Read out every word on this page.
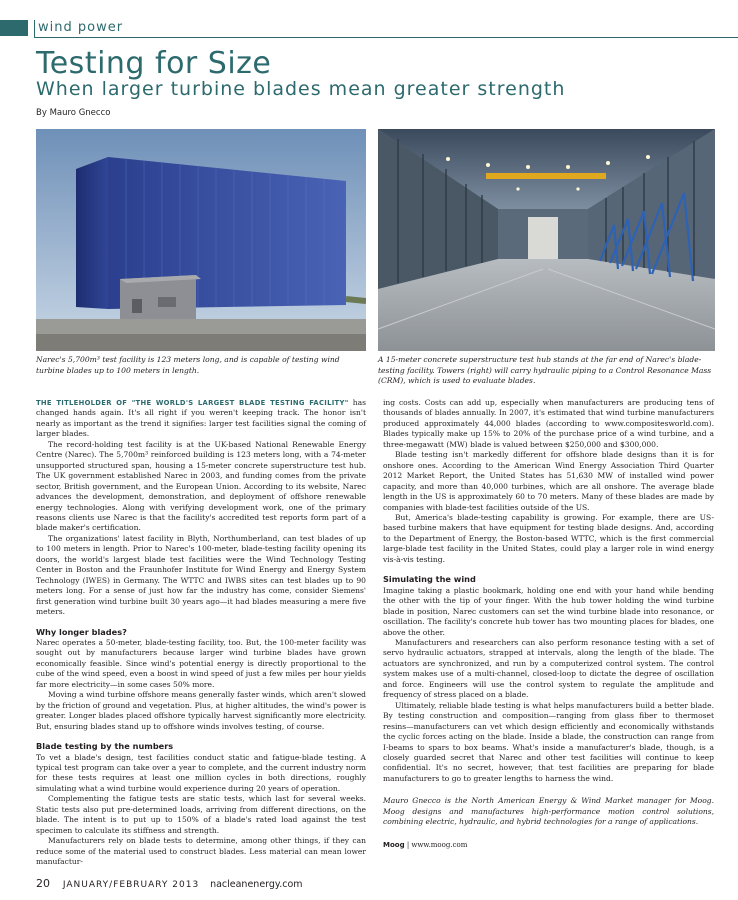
wind power
Testing for Size
When larger turbine blades mean greater strength
By Mauro Gnecco
Narec's 5,700m³ test facility is 123 meters long, and is capable of testing wind turbine blades up to 100 meters in length.
A 15-meter concrete superstructure test hub stands at the far end of Narec's blade-testing facility. Towers (right) will carry hydraulic piping to a Control Resonance Mass (CRM), which is used to evaluate blades.

THE TITLEHOLDER OF "THE WORLD'S LARGEST BLADE TESTING FACILITY" has changed hands again. It's all right if you weren't keeping track. The honor isn't nearly as important as the trend it signifies: larger test facilities signal the coming of larger blades.

The record-holding test facility is at the UK-based National Renewable Energy Centre (Narec). The 5,700m³ reinforced building is 123 meters long, with a 74-meter unsupported structured span, housing a 15-meter concrete superstructure test hub. The UK government established Narec in 2003, and funding comes from the private sector, British government, and the European Union. According to its website, Narec advances the development, demonstration, and deployment of offshore renewable energy technologies. Along with verifying development work, one of the primary reasons clients use Narec is that the facility's accredited test reports form part of a blade maker's certification.

The organizations' latest facility in Blyth, Northumberland, can test blades of up to 100 meters in length. Prior to Narec's 100-meter, blade-testing facility opening its doors, the world's largest blade test facilities were the Wind Technology Testing Center in Boston and the Fraunhofer Institute for Wind Energy and Energy System Technology (IWES) in Germany. The WTTC and IWBS sites can test blades up to 90 meters long. For a sense of just how far the industry has come, consider Siemens' first generation wind turbine built 30 years ago—it had blades measuring a mere five meters.

Why longer blades?

Narec operates a 50-meter, blade-testing facility, too. But, the 100-meter facility was sought out by manufacturers because larger wind turbine blades have grown economically feasible. Since wind's potential energy is directly proportional to the cube of the wind speed, even a boost in wind speed of just a few miles per hour yields far more electricity—in some cases 50% more.

Moving a wind turbine offshore means generally faster winds, which aren't slowed by the friction of ground and vegetation. Plus, at higher altitudes, the wind's power is greater. Longer blades placed offshore typically harvest significantly more electricity. But, ensuring blades stand up to offshore winds involves testing, of course.

Blade testing by the numbers

To vet a blade's design, test facilities conduct static and fatigue-blade testing. A typical test program can take over a year to complete, and the current industry norm for these tests requires at least one million cycles in both directions, roughly simulating what a wind turbine would experience during 20 years of operation.

Complementing the fatigue tests are static tests, which last for several weeks. Static tests also put pre-determined loads, arriving from different directions, on the blade. The intent is to put up to 150% of a blade's rated load against the test specimen to calculate its stiffness and strength.

Manufacturers rely on blade tests to determine, among other things, if they can reduce some of the material used to construct blades. Less material can mean lower manufactur-

ing costs. Costs can add up, especially when manufacturers are producing tens of thousands of blades annually. In 2007, it's estimated that wind turbine manufacturers produced approximately 44,000 blades (according to www.compositesworld.com). Blades typically make up 15% to 20% of the purchase price of a wind turbine, and a three-megawatt (MW) blade is valued between $250,000 and $300,000.

Blade testing isn't markedly different for offshore blade designs than it is for onshore ones. According to the American Wind Energy Association Third Quarter 2012 Market Report, the United States has 51,630 MW of installed wind power capacity, and more than 40,000 turbines, which are all onshore. The average blade length in the US is approximately 60 to 70 meters. Many of these blades are made by companies with blade-test facilities outside of the US.

But, America's blade-testing capability is growing. For example, there are US-based turbine makers that have equipment for testing blade designs. And, according to the Department of Energy, the Boston-based WTTC, which is the first commercial large-blade test facility in the United States, could play a larger role in wind energy vis-à-vis testing.

Simulating the wind

Imagine taking a plastic bookmark, holding one end with your hand while bending the other with the tip of your finger. With the hub tower holding the wind turbine blade in position, Narec customers can set the wind turbine blade into resonance, or oscillation. The facility's concrete hub tower has two mounting places for blades, one above the other.

Manufacturers and researchers can also perform resonance testing with a set of servo hydraulic actuators, strapped at intervals, along the length of the blade. The actuators are synchronized, and run by a computerized control system. The control system makes use of a multi-channel, closed-loop to dictate the degree of oscillation and force. Engineers will use the control system to regulate the amplitude and frequency of stress placed on a blade.

Ultimately, reliable blade testing is what helps manufacturers build a better blade. By testing construction and composition—ranging from glass fiber to thermoset resins—manufacturers can vet which design efficiently and economically withstands the cyclic forces acting on the blade. Inside a blade, the construction can range from I-beams to spars to box beams. What's inside a manufacturer's blade, though, is a closely guarded secret that Narec and other test facilities will continue to keep confidential. It's no secret, however, that test facilities are preparing for blade manufacturers to go to greater lengths to harness the wind.

Mauro Gnecco is the North American Energy & Wind Market manager for Moog. Moog designs and manufactures high-performance motion control solutions, combining electric, hydraulic, and hybrid technologies for a range of applications.

Moog | www.moog.com

20 JANUARY/FEBRUARY 2013 nacleanenergy.com
